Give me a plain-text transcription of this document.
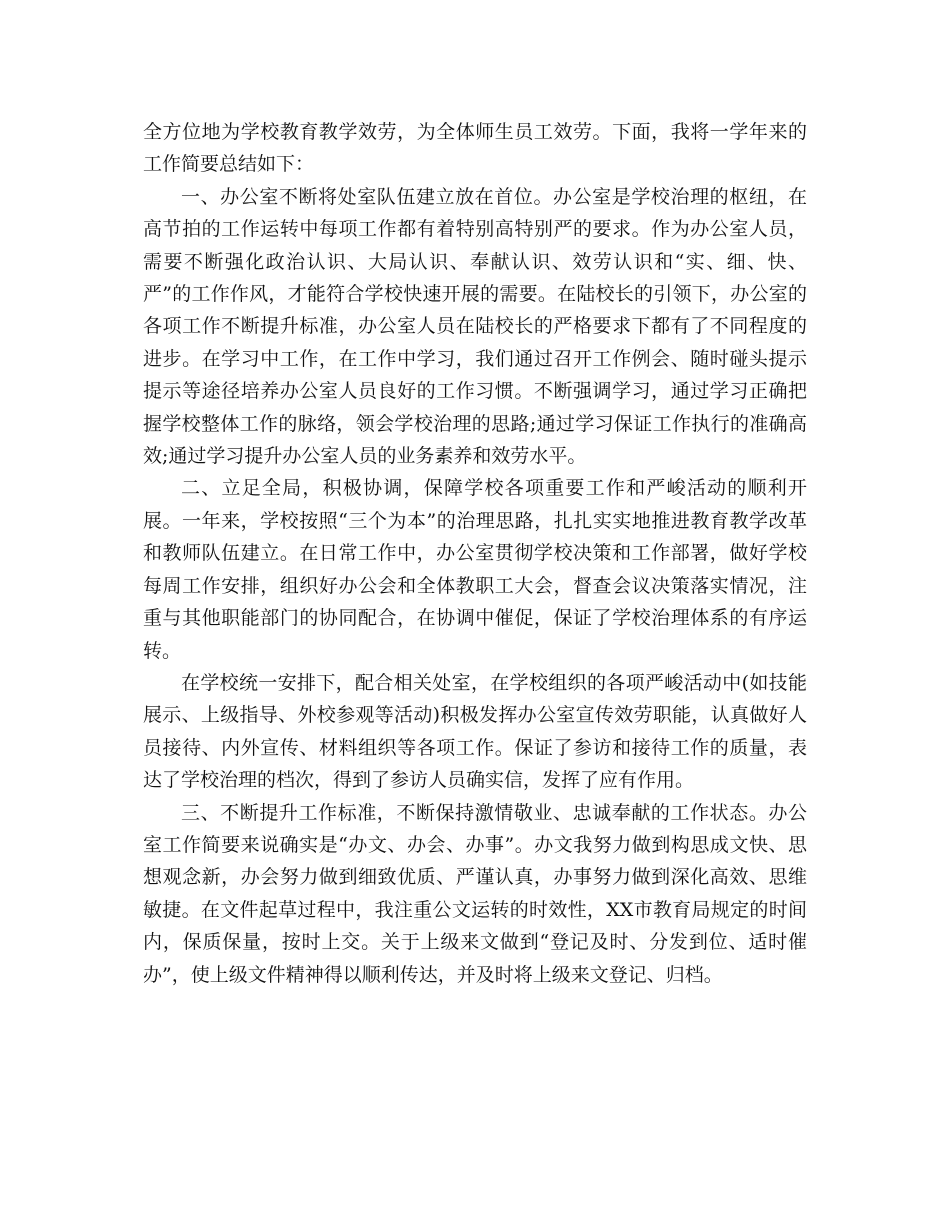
全方位地为学校教育教学效劳，为全体师生员工效劳。下面，我将一学年来的工作简要总结如下：

一、办公室不断将处室队伍建立放在首位。办公室是学校治理的枢纽，在高节拍的工作运转中每项工作都有着特别高特别严的要求。作为办公室人员，需要不断强化政治认识、大局认识、奉献认识、效劳认识和“实、细、快、严”的工作作风，才能符合学校快速开展的需要。在陆校长的引领下，办公室的各项工作不断提升标准，办公室人员在陆校长的严格要求下都有了不同程度的进步。在学习中工作，在工作中学习，我们通过召开工作例会、随时碰头提示提示等途径培养办公室人员良好的工作习惯。不断强调学习，通过学习正确把握学校整体工作的脉络，领会学校治理的思路;通过学习保证工作执行的准确高效;通过学习提升办公室人员的业务素养和效劳水平。

二、立足全局，积极协调，保障学校各项重要工作和严峻活动的顺利开展。一年来，学校按照“三个为本”的治理思路，扎扎实实地推进教育教学改革和教师队伍建立。在日常工作中，办公室贯彻学校决策和工作部署，做好学校每周工作安排，组织好办公会和全体教职工大会，督查会议决策落实情况，注重与其他职能部门的协同配合，在协调中催促，保证了学校治理体系的有序运转。

在学校统一安排下，配合相关处室，在学校组织的各项严峻活动中(如技能展示、上级指导、外校参观等活动)积极发挥办公室宣传效劳职能，认真做好人员接待、内外宣传、材料组织等各项工作。保证了参访和接待工作的质量，表达了学校治理的档次，得到了参访人员确实信，发挥了应有作用。

三、不断提升工作标准，不断保持激情敬业、忠诚奉献的工作状态。办公室工作简要来说确实是“办文、办会、办事”。办文我努力做到构思成文快、思想观念新，办会努力做到细致优质、严谨认真，办事努力做到深化高效、思维敏捷。在文件起草过程中，我注重公文运转的时效性，XX市教育局规定的时间内，保质保量，按时上交。关于上级来文做到“登记及时、分发到位、适时催办”，使上级文件精神得以顺利传达，并及时将上级来文登记、归档。
